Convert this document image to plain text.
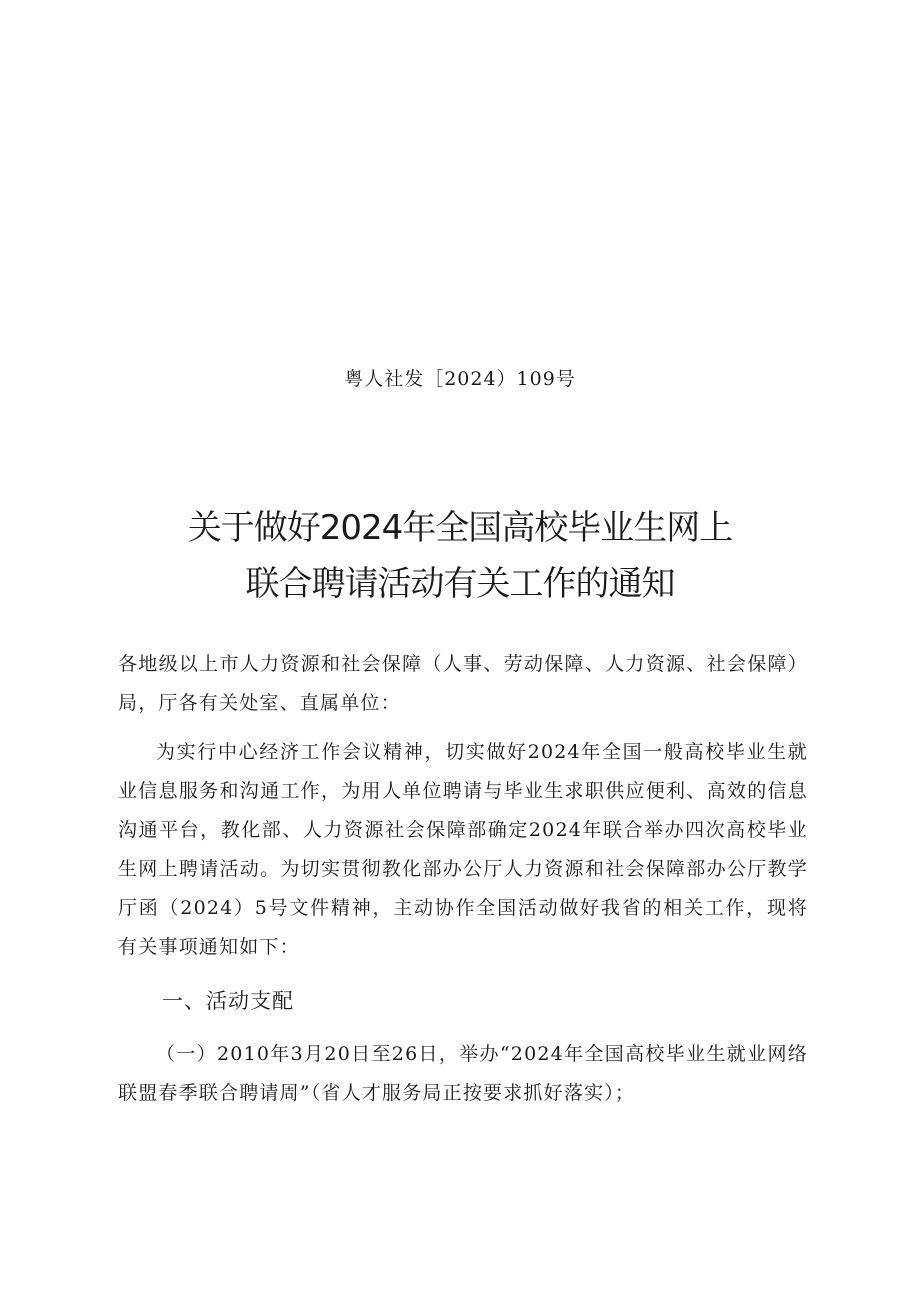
粤人社发［2024）109号
关于做好2024年全国高校毕业生网上
联合聘请活动有关工作的通知

各地级以上市人力资源和社会保障（人事、劳动保障、人力资源、社会保障）局，厅各有关处室、直属单位：

为实行中心经济工作会议精神，切实做好2024年全国一般高校毕业生就业信息服务和沟通工作，为用人单位聘请与毕业生求职供应便利、高效的信息沟通平台，教化部、人力资源社会保障部确定2024年联合举办四次高校毕业生网上聘请活动。为切实贯彻教化部办公厅人力资源和社会保障部办公厅教学厅函（2024）5号文件精神，主动协作全国活动做好我省的相关工作，现将有关事项通知如下：

一、活动支配

（一）2010年3月20日至26日，举办“2024年全国高校毕业生就业网络联盟春季联合聘请周”（省人才服务局正按要求抓好落实）；
